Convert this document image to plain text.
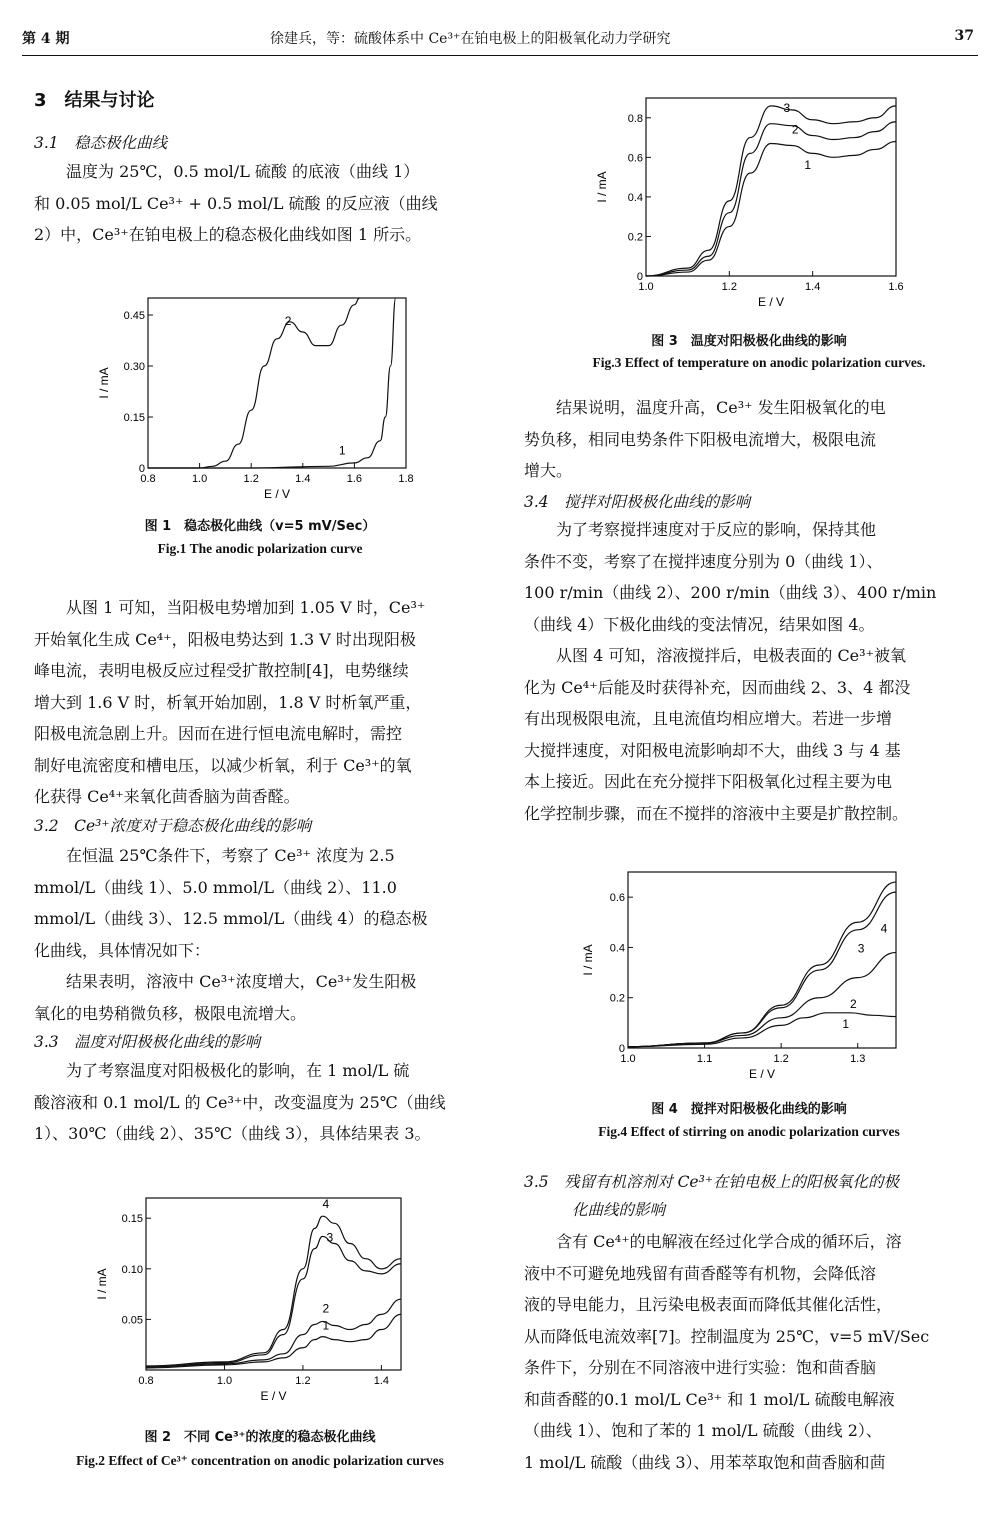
第 4 期	徐建兵，等：硫酸体系中 Ce³⁺在铂电极上的阳极氧化动力学研究	37
3　结果与讨论
3.1　稳态极化曲线
　　温度为 25℃，0.5 mol/L 硫酸 的底液（曲线 1）
和 0.05 mol/L Ce³⁺ + 0.5 mol/L 硫酸 的反应液（曲线
2）中，Ce³⁺在铂电极上的稳态极化曲线如图 1 所示。
0.8	1.0	1.2	1.4	1.6	1.8
0
0.15
0.30
0.45
E / V
I / mA
1
2
图 1　稳态极化曲线（v=5 mV/Sec）
Fig.1 The anodic polarization curve
　　从图 1 可知，当阳极电势增加到 1.05 V 时，Ce³⁺
开始氧化生成 Ce⁴⁺，阳极电势达到 1.3 V 时出现阳极
峰电流，表明电极反应过程受扩散控制[4]，电势继续
增大到 1.6 V 时，析氧开始加剧，1.8 V 时析氧严重，
阳极电流急剧上升。因而在进行恒电流电解时，需控
制好电流密度和槽电压，以减少析氧，利于 Ce³⁺的氧
化获得 Ce⁴⁺来氧化茴香脑为茴香醛。
3.2　Ce³⁺浓度对于稳态极化曲线的影响
　　在恒温 25℃条件下，考察了 Ce³⁺ 浓度为 2.5
mmol/L（曲线 1）、5.0 mmol/L（曲线 2）、11.0
mmol/L（曲线 3）、12.5 mmol/L（曲线 4）的稳态极
化曲线，具体情况如下：
　　结果表明，溶液中 Ce³⁺浓度增大，Ce³⁺发生阳极
氧化的电势稍微负移，极限电流增大。
3.3　温度对阳极极化曲线的影响
　　为了考察温度对阳极极化的影响，在 1 mol/L 硫
酸溶液和 0.1 mol/L 的 Ce³⁺中，改变温度为 25℃（曲线
1）、30℃（曲线 2）、35℃（曲线 3），具体结果表 3。
0.8	1.0	1.2	1.4
0.05
0.10
0.15
E / V
I / mA
1
2
3
4
图 2　不同 Ce³⁺的浓度的稳态极化曲线
Fig.2 Effect of Ce³⁺ concentration on anodic polarization curves
1.0	1.2	1.4	1.6
0
0.2
0.4
0.6
0.8
E / V
I / mA
1
2
3
图 3　温度对阳极极化曲线的影响
Fig.3 Effect of temperature on anodic polarization curves.
　　结果说明，温度升高，Ce³⁺ 发生阳极氧化的电
势负移，相同电势条件下阳极电流增大，极限电流
增大。
3.4　搅拌对阳极极化曲线的影响
　　为了考察搅拌速度对于反应的影响，保持其他
条件不变，考察了在搅拌速度分别为 0（曲线 1）、
100 r/min（曲线 2）、200 r/min（曲线 3）、400 r/min
（曲线 4）下极化曲线的变法情况，结果如图 4。
　　从图 4 可知，溶液搅拌后，电极表面的 Ce³⁺被氧
化为 Ce⁴⁺后能及时获得补充，因而曲线 2、3、4 都没
有出现极限电流，且电流值均相应增大。若进一步增
大搅拌速度，对阳极电流影响却不大，曲线 3 与 4 基
本上接近。因此在充分搅拌下阳极氧化过程主要为电
化学控制步骤，而在不搅拌的溶液中主要是扩散控制。
1.0	1.1	1.2	1.3
0
0.2
0.4
0.6
E / V
I / mA
1
2
3
4
图 4　搅拌对阳极极化曲线的影响
Fig.4 Effect of stirring on anodic polarization curves
3.5　残留有机溶剂对 Ce³⁺在铂电极上的阳极氧化的极
化曲线的影响
　　含有 Ce⁴⁺的电解液在经过化学合成的循环后，溶
液中不可避免地残留有茴香醛等有机物，会降低溶
液的导电能力，且污染电极表面而降低其催化活性，
从而降低电流效率[7]。控制温度为 25℃，v=5 mV/Sec
条件下，分别在不同溶液中进行实验：饱和茴香脑
和茴香醛的0.1 mol/L Ce³⁺ 和 1 mol/L 硫酸电解液
（曲线 1）、饱和了苯的 1 mol/L 硫酸（曲线 2）、
1 mol/L 硫酸（曲线 3）、用苯萃取饱和茴香脑和茴
